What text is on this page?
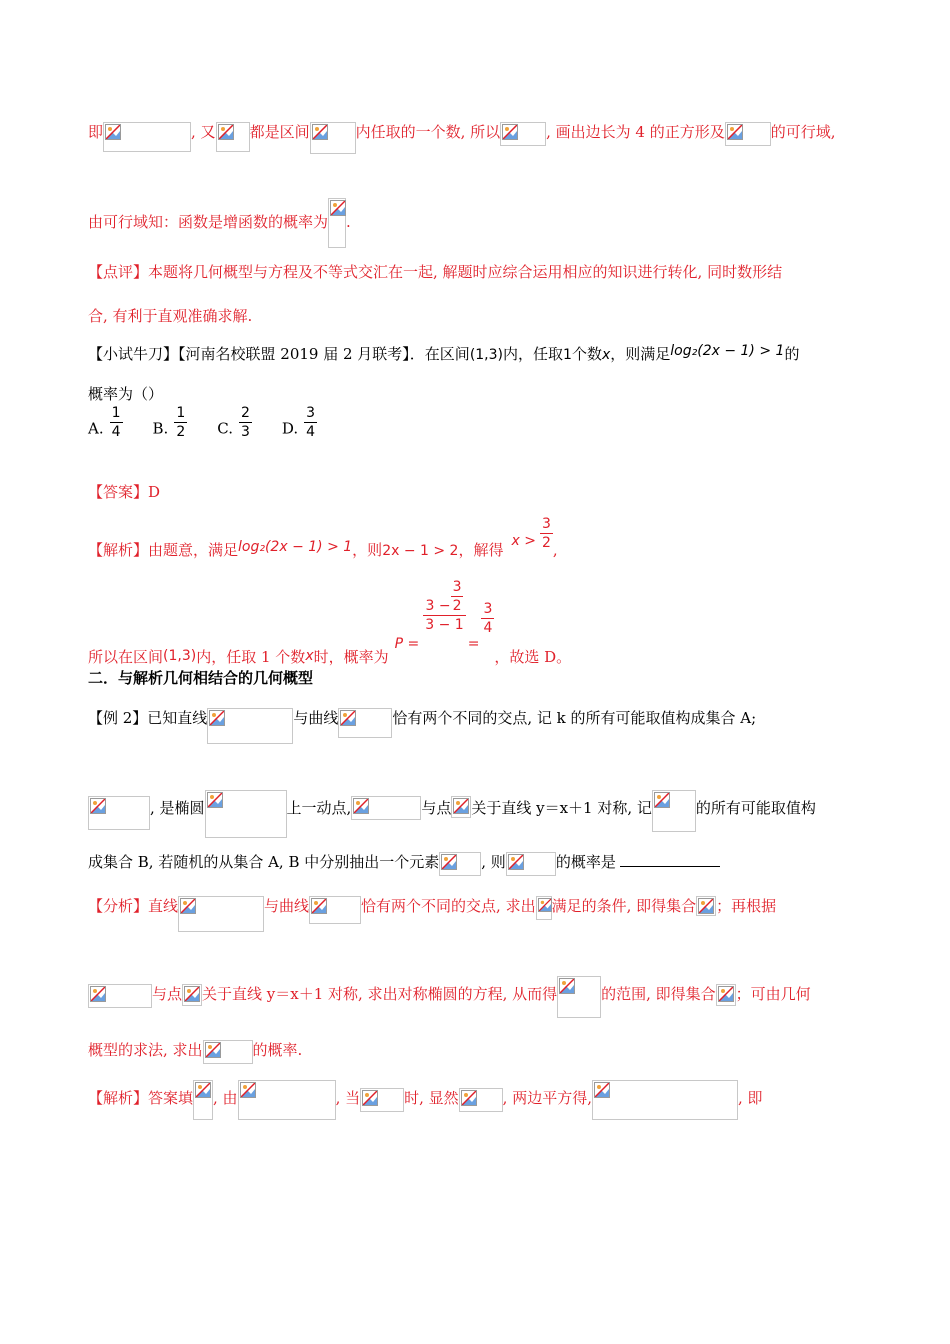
即	, 又 都是区间	内任取的一个数, 所以	, 画出边长为 4 的正方形及	的可行域,
由可行域知：函数是增函数的概率为 .
【点评】本题将几何概型与方程及不等式交汇在一起, 解题时应综合运用相应的知识进行转化, 同时数形结
合, 有利于直观准确求解.
【小试牛刀】【河南名校联盟 2019 届 2 月联考】．在区间(1,3)内，任取1个数x，则满足log₂(2x − 1) > 1的
概率为（）
A. $\frac{1}{4} B$. $\frac{1}{2} C$. $\frac{2}{3} D$. $\frac{3}{4}$
【答案】D
【解析】由题意，满足log₂(2x − 1) > 1，则2x − 1 > 2，解得 $x > \frac{3}{2}$ ,
所以在区间(1,3)内，任取 1 个数x时，概率为P =
$\frac{3 - \frac{3}{2}}{3 - 1}$
=
$\frac{3}{4}$
，故选 D。
二．与解析几何相结合的几何概型
【例 2】已知直线	与曲线	恰有两个不同的交点, 记 k 的所有可能取值构成集合 A;
, 是椭圆	上一动点,	与点 关于直线 y＝x＋1 对称, 记	的所有可能取值构
成集合 B, 若随机的从集合 A, B 中分别抽出一个元素	, 则	的概率是
【分析】直线	与曲线	恰有两个不同的交点, 求出 满足的条件, 即得集合 ；再根据
与点 关于直线 y＝x＋1 对称, 求出对称椭圆的方程, 从而得	的范围, 即得集合 ；可由几何
概型的求法, 求出	的概率.
【解析】答案填 , 由	, 当	时, 显然	, 两边平方得,	, 即
